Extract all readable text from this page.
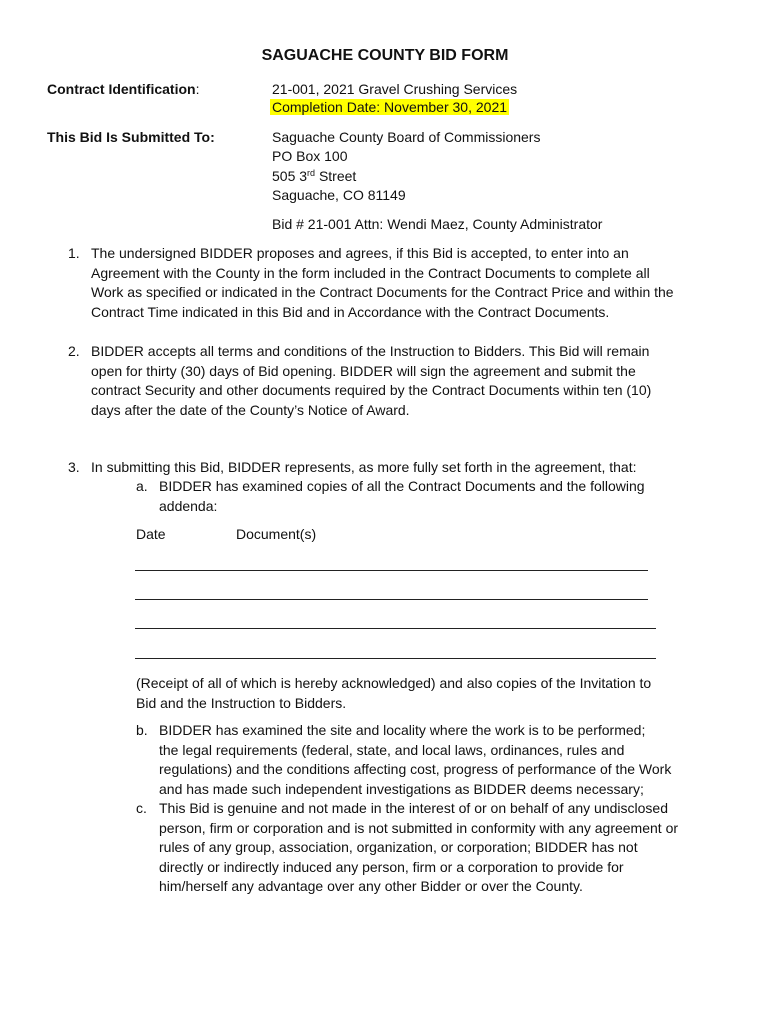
SAGUACHE COUNTY BID FORM
Contract Identification:	21-001, 2021 Gravel Crushing Services
Completion Date: November 30, 2021
This Bid Is Submitted To:	Saguache County Board of Commissioners
PO Box 100
505 3rd Street
Saguache, CO 81149
Bid # 21-001 Attn: Wendi Maez, County Administrator
1. The undersigned BIDDER proposes and agrees, if this Bid is accepted, to enter into an
Agreement with the County in the form included in the Contract Documents to complete all
Work as specified or indicated in the Contract Documents for the Contract Price and within the
Contract Time indicated in this Bid and in Accordance with the Contract Documents.
2. BIDDER accepts all terms and conditions of the Instruction to Bidders. This Bid will remain
open for thirty (30) days of Bid opening. BIDDER will sign the agreement and submit the
contract Security and other documents required by the Contract Documents within ten (10)
days after the date of the County’s Notice of Award.
3. In submitting this Bid, BIDDER represents, as more fully set forth in the agreement, that:
a. BIDDER has examined copies of all the Contract Documents and the following
addenda:
Date	Document(s)
(Receipt of all of which is hereby acknowledged) and also copies of the Invitation to
Bid and the Instruction to Bidders.
b. BIDDER has examined the site and locality where the work is to be performed;
the legal requirements (federal, state, and local laws, ordinances, rules and
regulations) and the conditions affecting cost, progress of performance of the Work
and has made such independent investigations as BIDDER deems necessary;
c. This Bid is genuine and not made in the interest of or on behalf of any undisclosed
person, firm or corporation and is not submitted in conformity with any agreement or
rules of any group, association, organization, or corporation; BIDDER has not
directly or indirectly induced any person, firm or a corporation to provide for
him/herself any advantage over any other Bidder or over the County.
